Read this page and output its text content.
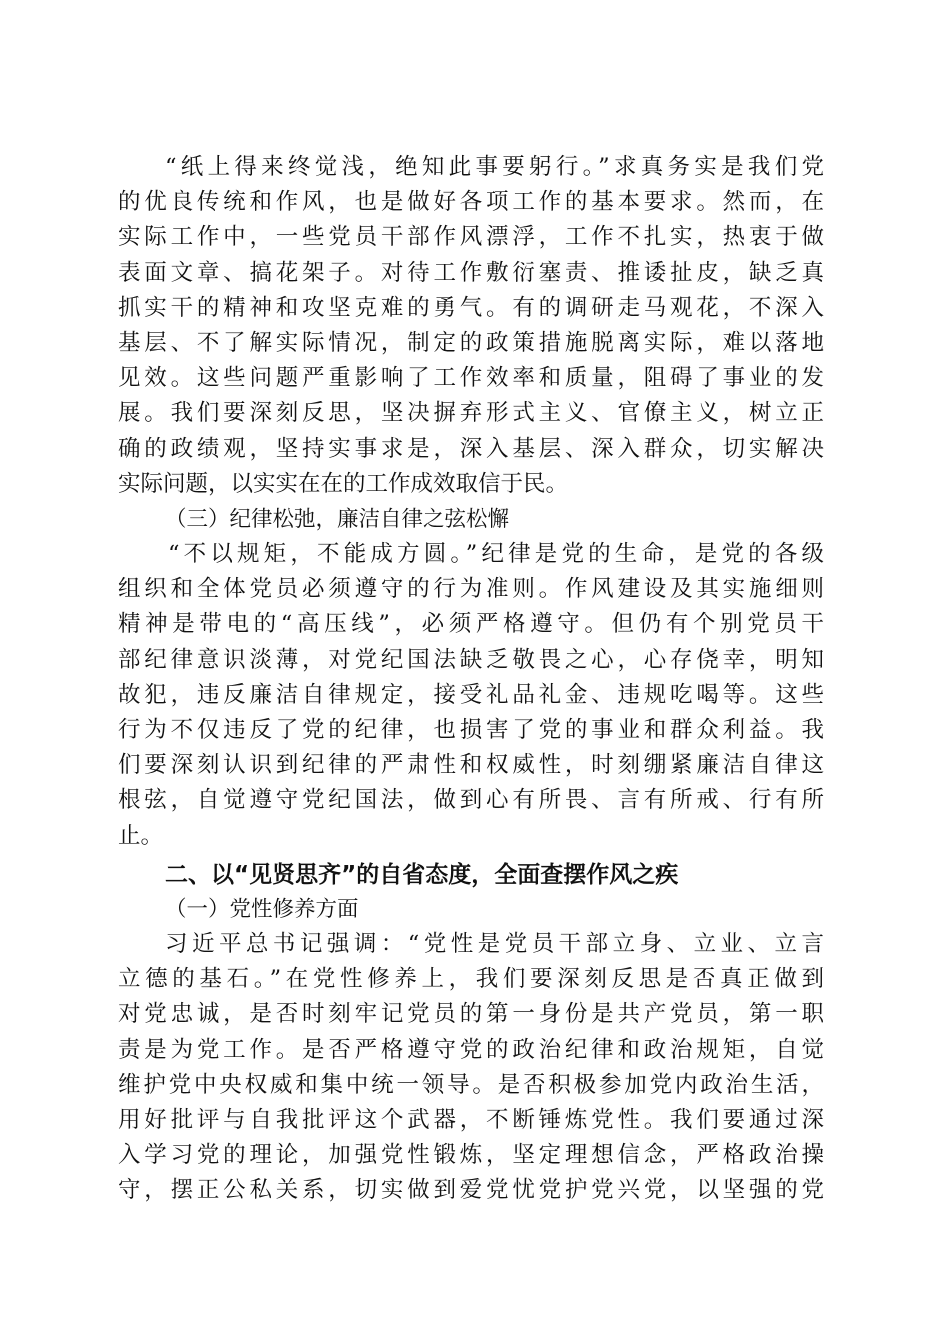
“纸上得来终觉浅，绝知此事要躬行。”求真务实是我们党
的优良传统和作风，也是做好各项工作的基本要求。然而，在
实际工作中，一些党员干部作风漂浮，工作不扎实，热衷于做
表面文章、搞花架子。对待工作敷衍塞责、推诿扯皮，缺乏真
抓实干的精神和攻坚克难的勇气。有的调研走马观花，不深入
基层、不了解实际情况，制定的政策措施脱离实际，难以落地
见效。这些问题严重影响了工作效率和质量，阻碍了事业的发
展。我们要深刻反思，坚决摒弃形式主义、官僚主义，树立正
确的政绩观，坚持实事求是，深入基层、深入群众，切实解决
实际问题，以实实在在的工作成效取信于民。
（三）纪律松弛，廉洁自律之弦松懈
“不以规矩，不能成方圆。”纪律是党的生命，是党的各级
组织和全体党员必须遵守的行为准则。作风建设及其实施细则
精神是带电的“高压线”，必须严格遵守。但仍有个别党员干
部纪律意识淡薄，对党纪国法缺乏敬畏之心，心存侥幸，明知
故犯，违反廉洁自律规定，接受礼品礼金、违规吃喝等。这些
行为不仅违反了党的纪律，也损害了党的事业和群众利益。我
们要深刻认识到纪律的严肃性和权威性，时刻绷紧廉洁自律这
根弦，自觉遵守党纪国法，做到心有所畏、言有所戒、行有所
止。
二、以“见贤思齐”的自省态度，全面查摆作风之疾
（一）党性修养方面
习近平总书记强调：“党性是党员干部立身、立业、立言
立德的基石。”在党性修养上，我们要深刻反思是否真正做到
对党忠诚，是否时刻牢记党员的第一身份是共产党员，第一职
责是为党工作。是否严格遵守党的政治纪律和政治规矩，自觉
维护党中央权威和集中统一领导。是否积极参加党内政治生活，
用好批评与自我批评这个武器，不断锤炼党性。我们要通过深
入学习党的理论，加强党性锻炼，坚定理想信念，严格政治操
守，摆正公私关系，切实做到爱党忧党护党兴党，以坚强的党
